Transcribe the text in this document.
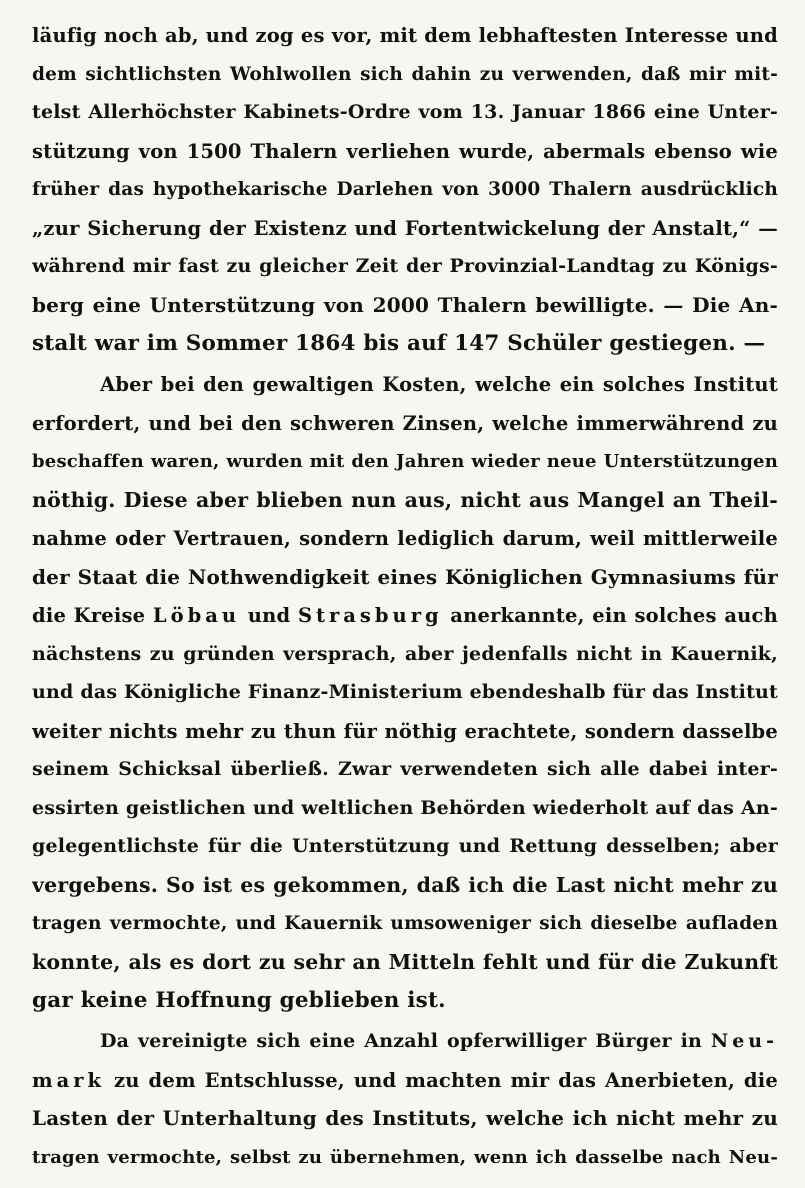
läufig noch ab, und zog es vor, mit dem lebhaftesten Interesse und
dem sichtlichsten Wohlwollen sich dahin zu verwenden, daß mir mit-
telst Allerhöchster Kabinets-Ordre vom 13. Januar 1866 eine Unter-
stützung von 1500 Thalern verliehen wurde, abermals ebenso wie
früher das hypothekarische Darlehen von 3000 Thalern ausdrücklich
„zur Sicherung der Existenz und Fortentwickelung der Anstalt,“ —
während mir fast zu gleicher Zeit der Provinzial-Landtag zu Königs-
berg eine Unterstützung von 2000 Thalern bewilligte. — Die An-
stalt war im Sommer 1864 bis auf 147 Schüler gestiegen. —
Aber bei den gewaltigen Kosten, welche ein solches Institut
erfordert, und bei den schweren Zinsen, welche immerwährend zu
beschaffen waren, wurden mit den Jahren wieder neue Unterstützungen
nöthig. Diese aber blieben nun aus, nicht aus Mangel an Theil-
nahme oder Vertrauen, sondern lediglich darum, weil mittlerweile
der Staat die Nothwendigkeit eines Königlichen Gymnasiums für
die Kreise Löbau und Strasburg anerkannte, ein solches auch
nächstens zu gründen versprach, aber jedenfalls nicht in Kauernik,
und das Königliche Finanz-Ministerium ebendeshalb für das Institut
weiter nichts mehr zu thun für nöthig erachtete, sondern dasselbe
seinem Schicksal überließ. Zwar verwendeten sich alle dabei inter-
essirten geistlichen und weltlichen Behörden wiederholt auf das An-
gelegentlichste für die Unterstützung und Rettung desselben; aber
vergebens. So ist es gekommen, daß ich die Last nicht mehr zu
tragen vermochte, und Kauernik umsoweniger sich dieselbe aufladen
konnte, als es dort zu sehr an Mitteln fehlt und für die Zukunft
gar keine Hoffnung geblieben ist.
Da vereinigte sich eine Anzahl opferwilliger Bürger in Neu-
mark zu dem Entschlusse, und machten mir das Anerbieten, die
Lasten der Unterhaltung des Instituts, welche ich nicht mehr zu
tragen vermochte, selbst zu übernehmen, wenn ich dasselbe nach Neu-
